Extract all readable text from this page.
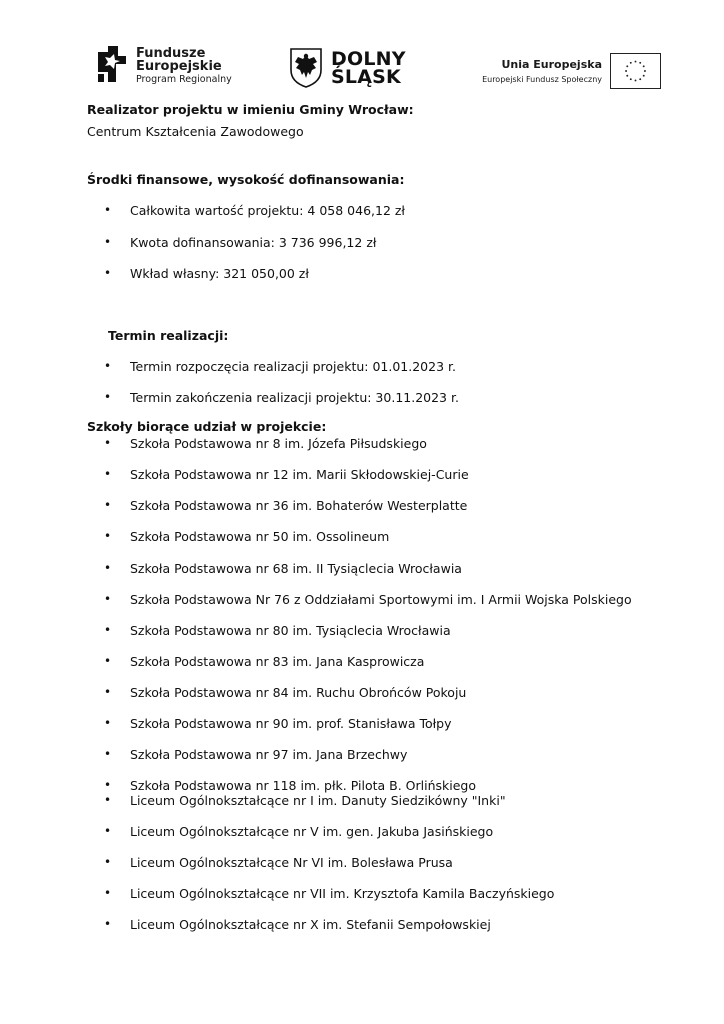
Fundusze
Europejskie
Program Regionalny
DOLNY
ŚLĄSK
Unia Europejska
Europejski Fundusz Społeczny
Realizator projektu w imieniu Gminy Wrocław:
Centrum Kształcenia Zawodowego
Środki finansowe, wysokość dofinansowania:
• Całkowita wartość projektu: 4 058 046,12 zł
• Kwota dofinansowania: 3 736 996,12 zł
• Wkład własny: 321 050,00 zł
Termin realizacji:
• Termin rozpoczęcia realizacji projektu: 01.01.2023 r.
• Termin zakończenia realizacji projektu: 30.11.2023 r.
Szkoły biorące udział w projekcie:
• Szkoła Podstawowa nr 8 im. Józefa Piłsudskiego
• Szkoła Podstawowa nr 12 im. Marii Skłodowskiej-Curie
• Szkoła Podstawowa nr 36 im. Bohaterów Westerplatte
• Szkoła Podstawowa nr 50 im. Ossolineum
• Szkoła Podstawowa nr 68 im. II Tysiąclecia Wrocławia
• Szkoła Podstawowa Nr 76 z Oddziałami Sportowymi im. I Armii Wojska Polskiego
• Szkoła Podstawowa nr 80 im. Tysiąclecia Wrocławia
• Szkoła Podstawowa nr 83 im. Jana Kasprowicza
• Szkoła Podstawowa nr 84 im. Ruchu Obrońców Pokoju
• Szkoła Podstawowa nr 90 im. prof. Stanisława Tołpy
• Szkoła Podstawowa nr 97 im. Jana Brzechwy
• Szkoła Podstawowa nr 118 im. płk. Pilota B. Orlińskiego
• Liceum Ogólnokształcące nr I im. Danuty Siedzikówny "Inki"
• Liceum Ogólnokształcące nr V im. gen. Jakuba Jasińskiego
• Liceum Ogólnokształcące Nr VI im. Bolesława Prusa
• Liceum Ogólnokształcące nr VII im. Krzysztofa Kamila Baczyńskiego
• Liceum Ogólnokształcące nr X im. Stefanii Sempołowskiej
